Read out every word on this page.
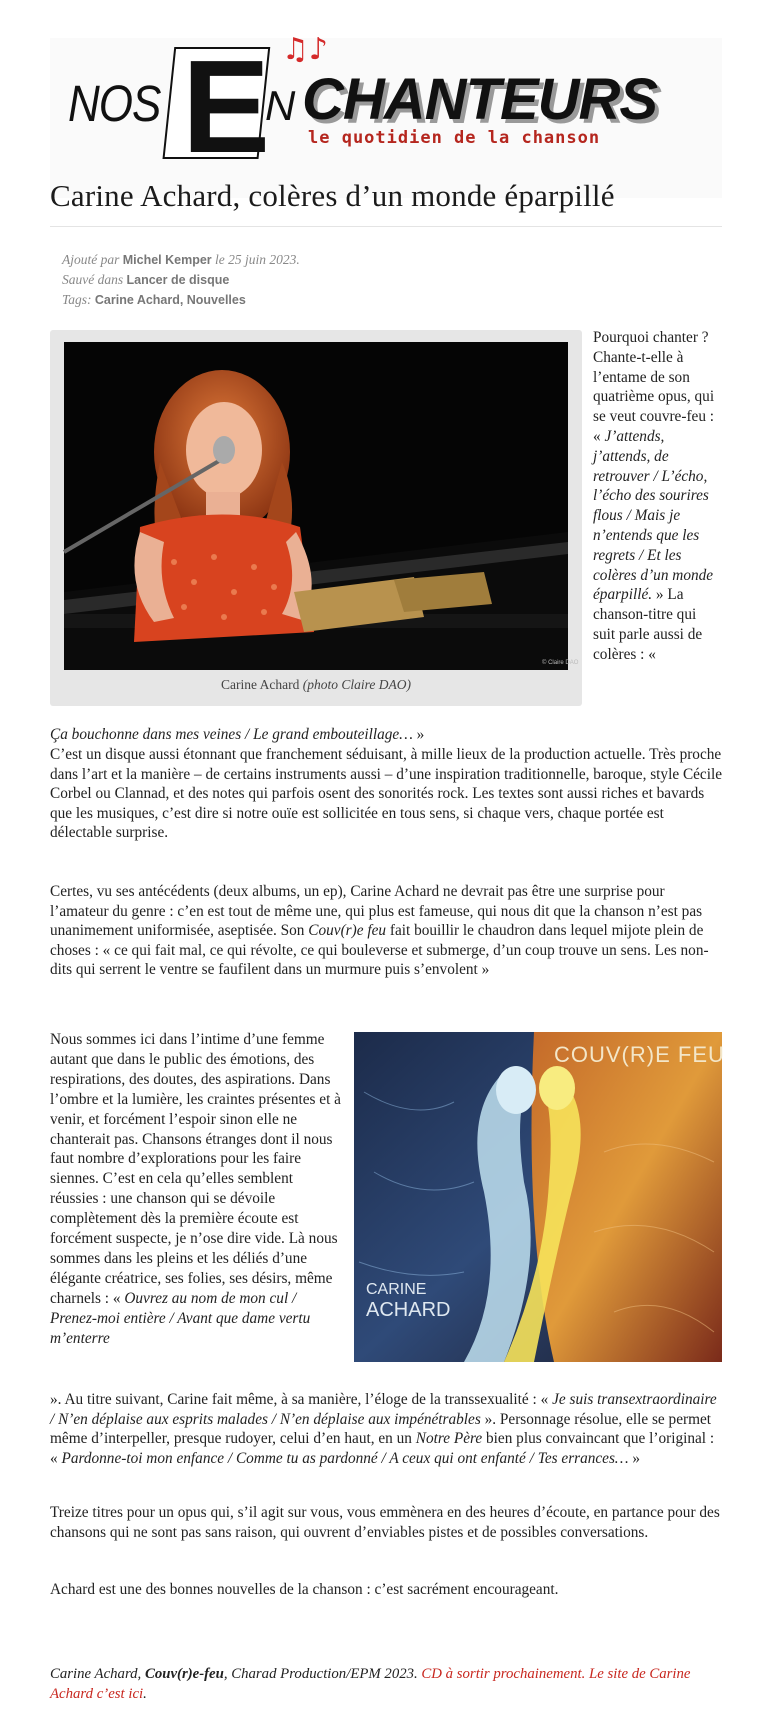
NOS E ♫♪
N CHANTEURS
le quotidien de la chanson
Carine Achard, colères d’un monde éparpillé
Ajouté par Michel Kemper le 25 juin 2023.
Sauvé dans Lancer de disque
Tags: Carine Achard, Nouvelles
© Claire DAO
Carine Achard (photo Claire DAO)
Pourquoi chanter ? Chante-t-elle à l’entame de son quatrième opus, qui se veut couvre-feu : « J’attends, j’attends, de retrouver / L’écho, l’écho des sourires flous / Mais je n’entends que les regrets / Et les colères d’un monde éparpillé. » La chanson-titre qui suit parle aussi de colères : «
Ça bouchonne dans mes veines / Le grand embouteillage… »

C’est un disque aussi étonnant que franchement séduisant, à mille lieux de la production actuelle. Très proche dans l’art et la manière – de certains instruments aussi – d’une inspiration traditionnelle, baroque, style Cécile Corbel ou Clannad, et des notes qui parfois osent des sonorités rock. Les textes sont aussi riches et bavards que les musiques, c’est dire si notre ouïe est sollicitée en tous sens, si chaque vers, chaque portée est délectable surprise.

Certes, vu ses antécédents (deux albums, un ep), Carine Achard ne devrait pas être une surprise pour l’amateur du genre : c’en est tout de même une, qui plus est fameuse, qui nous dit que la chanson n’est pas unanimement uniformisée, aseptisée. Son Couv(r)e feu fait bouillir le chaudron dans lequel mijote plein de choses : « ce qui fait mal, ce qui révolte, ce qui bouleverse et submerge, d’un coup trouve un sens. Les non-dits qui serrent le ventre se faufilent dans un murmure puis s’envolent »

COUV(R)E FEU
CARINE
ACHARD
Nous sommes ici dans l’intime d’une femme autant que dans le public des émotions, des respirations, des doutes, des aspirations. Dans l’ombre et la lumière, les craintes présentes et à venir, et forcément l’espoir sinon elle ne chanterait pas. Chansons étranges dont il nous faut nombre d’explorations pour les faire siennes. C’est en cela qu’elles semblent réussies : une chanson qui se dévoile complètement dès la première écoute est forcément suspecte, je n’ose dire vide. Là nous sommes dans les pleins et les déliés d’une élégante créatrice, ses folies, ses désirs, même charnels : « Ouvrez au nom de mon cul / Prenez-moi entière / Avant que dame vertu m’enterre
». Au titre suivant, Carine fait même, à sa manière, l’éloge de la transsexualité : « Je suis transextraordinaire / N’en déplaise aux esprits malades / N’en déplaise aux impénétrables ». Personnage résolue, elle se permet même d’interpeller, presque rudoyer, celui d’en haut, en un Notre Père bien plus convaincant que l’original : « Pardonne-toi mon enfance / Comme tu as pardonné / A ceux qui ont enfanté / Tes errances… »

Treize titres pour un opus qui, s’il agit sur vous, vous emmènera en des heures d’écoute, en partance pour des chansons qui ne sont pas sans raison, qui ouvrent d’enviables pistes et de possibles conversations.

Achard est une des bonnes nouvelles de la chanson : c’est sacrément encourageant.

Carine Achard, Couv(r)e-feu, Charad Production/EPM 2023. CD à sortir prochainement. Le site de Carine Achard c’est ici.
